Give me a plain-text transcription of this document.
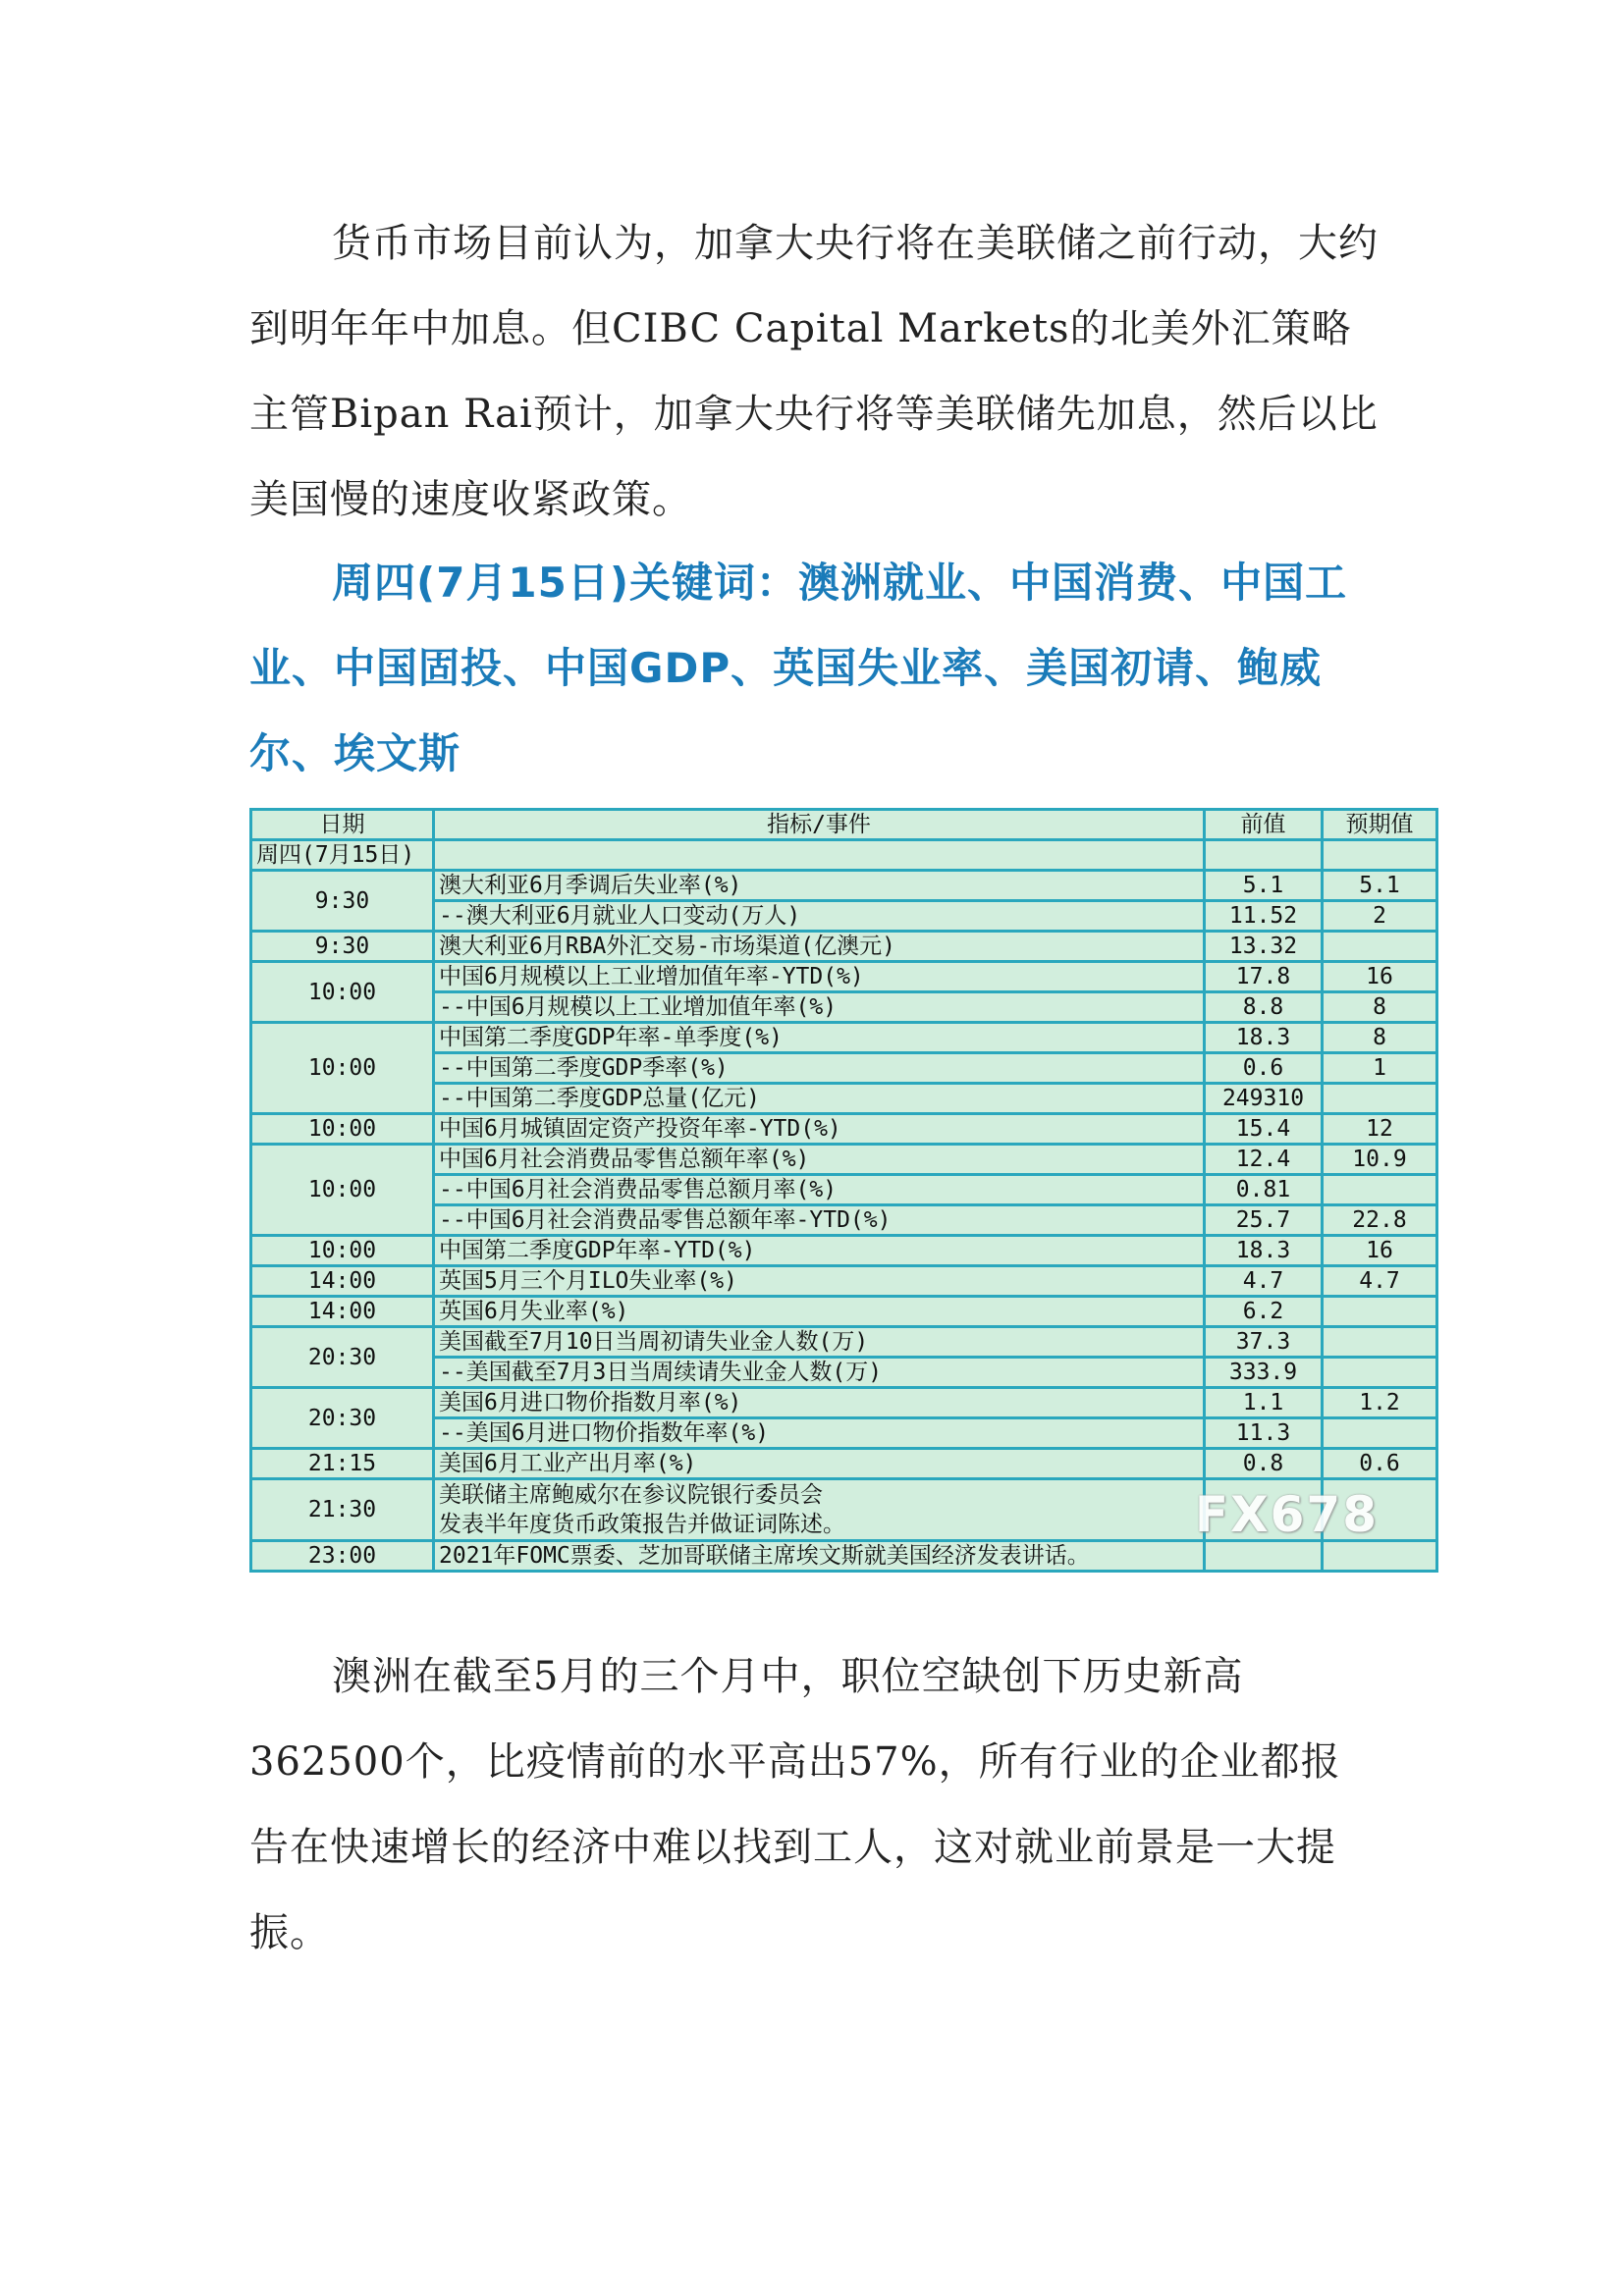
货币市场目前认为，加拿大央行将在美联储之前行动，大约到明年年中加息。但CIBC Capital Markets的北美外汇策略主管Bipan Rai预计，加拿大央行将等美联储先加息，然后以比美国慢的速度收紧政策。

周四(7月15日)关键词：澳洲就业、中国消费、中国工业、中国固投、中国GDP、英国失业率、美国初请、鲍威尔、埃文斯

日期	指标/事件	前值	预期值
周四(7月15日)			
9:30	澳大利亚6月季调后失业率(%)	5.1	5.1
	--澳大利亚6月就业人口变动(万人)	11.52	2
9:30	澳大利亚6月RBA外汇交易-市场渠道(亿澳元)	13.32	
10:00	中国6月规模以上工业增加值年率-YTD(%)	17.8	16
	--中国6月规模以上工业增加值年率(%)	8.8	8
10:00	中国第二季度GDP年率-单季度(%)	18.3	8
	--中国第二季度GDP季率(%)	0.6	1
	--中国第二季度GDP总量(亿元)	249310	
10:00	中国6月城镇固定资产投资年率-YTD(%)	15.4	12
10:00	中国6月社会消费品零售总额年率(%)	12.4	10.9
	--中国6月社会消费品零售总额月率(%)	0.81	
	--中国6月社会消费品零售总额年率-YTD(%)	25.7	22.8
10:00	中国第二季度GDP年率-YTD(%)	18.3	16
14:00	英国5月三个月ILO失业率(%)	4.7	4.7
14:00	英国6月失业率(%)	6.2	
20:30	美国截至7月10日当周初请失业金人数(万)	37.3	
	--美国截至7月3日当周续请失业金人数(万)	333.9	
20:30	美国6月进口物价指数月率(%)	1.1	1.2
	--美国6月进口物价指数年率(%)	11.3	
21:15	美国6月工业产出月率(%)	0.8	0.6
21:30	美联储主席鲍威尔在参议院银行委员会
发表半年度货币政策报告并做证词陈述。		

23:00	2021年FOMC票委、芝加哥联储主席埃文斯就美国经济发表讲话。		
FX678

澳洲在截至5月的三个月中，职位空缺创下历史新高362500个，比疫情前的水平高出57%，所有行业的企业都报告在快速增长的经济中难以找到工人，这对就业前景是一大提振。
